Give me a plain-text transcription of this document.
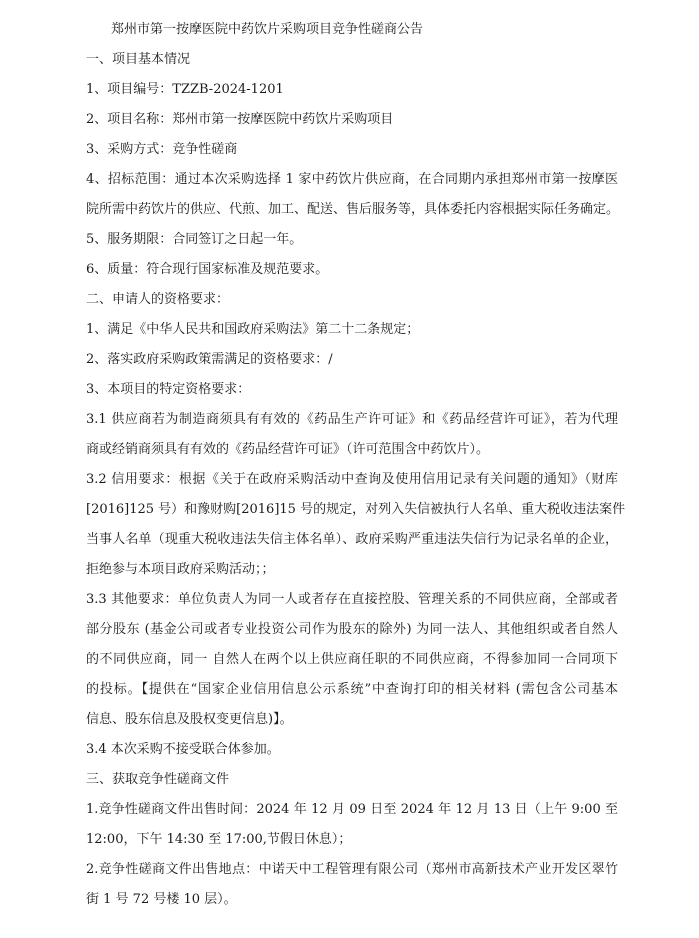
郑州市第一按摩医院中药饮片采购项目竞争性磋商公告
一、项目基本情况
1、项目编号：TZZB-2024-1201
2、项目名称：郑州市第一按摩医院中药饮片采购项目
3、采购方式：竞争性磋商
4、招标范围：通过本次采购选择 1 家中药饮片供应商，在合同期内承担郑州市第一按摩医
院所需中药饮片的供应、代煎、加工、配送、售后服务等，具体委托内容根据实际任务确定。
5、服务期限：合同签订之日起一年。
6、质量：符合现行国家标准及规范要求。
二、申请人的资格要求：
1、满足《中华人民共和国政府采购法》第二十二条规定；
2、落实政府采购政策需满足的资格要求：/
3、本项目的特定资格要求：
3.1 供应商若为制造商须具有有效的《药品生产许可证》和《药品经营许可证》，若为代理
商或经销商须具有有效的《药品经营许可证》（许可范围含中药饮片）。
3.2 信用要求：根据《关于在政府采购活动中查询及使用信用记录有关问题的通知》（财库
[2016]125 号）和豫财购[2016]15 号的规定，对列入失信被执行人名单、重大税收违法案件
当事人名单（现重大税收违法失信主体名单）、政府采购严重违法失信行为记录名单的企业，
拒绝参与本项目政府采购活动；；
3.3 其他要求：单位负责人为同一人或者存在直接控股、管理关系的不同供应商，全部或者
部分股东 (基金公司或者专业投资公司作为股东的除外) 为同一法人、其他组织或者自然人
的不同供应商，同一 自然人在两个以上供应商任职的不同供应商，不得参加同一合同项下
的投标。【提供在“国家企业信用信息公示系统”中查询打印的相关材料 (需包含公司基本
信息、股东信息及股权变更信息)】。
3.4 本次采购不接受联合体参加。
三、获取竞争性磋商文件
1.竞争性磋商文件出售时间：2024 年 12 月 09 日至 2024 年 12 月 13 日（上午 9:00 至
12:00，下午 14:30 至 17:00,节假日休息）；
2.竞争性磋商文件出售地点：中诺天中工程管理有限公司（郑州市高新技术产业开发区翠竹
街 1 号 72 号楼 10 层）。
